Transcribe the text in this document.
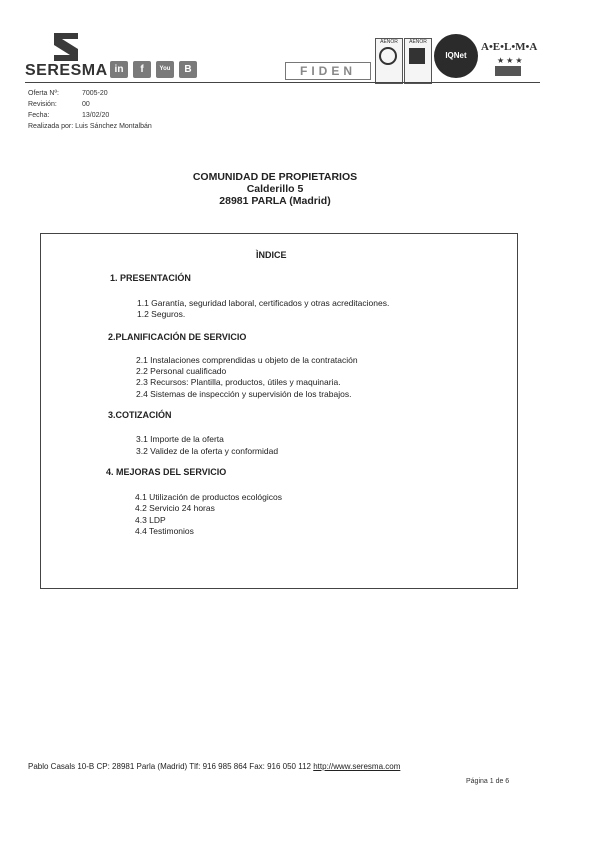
SERESMA in	f	You	B	FIDEN
AENOR	AENOR
IQNet
A•E•L•M•A
★★★
Oferta Nº:	7005-20
Revisión:	00
Fecha:	13/02/20
Realizada por: Luis Sánchez Montalbán
COMUNIDAD DE PROPIETARIOS
Calderillo 5
28981 PARLA (Madrid)
ÌNDICE
1. PRESENTACIÓN
1.1 Garantía, seguridad laboral, certificados y otras acreditaciones.
1.2 Seguros.
2.PLANIFICACIÓN DE SERVICIO
2.1 Instalaciones comprendidas u objeto de la contratación
2.2 Personal cualificado
2.3 Recursos: Plantilla, productos, útiles y maquinaria.
2.4 Sistemas de inspección y supervisión de los trabajos.
3.COTIZACIÓN
3.1 Importe de la oferta
3.2 Validez de la oferta y conformidad
4. MEJORAS DEL SERVICIO
4.1 Utilización de productos ecológicos
4.2 Servicio 24 horas
4.3 LDP
4.4 Testimonios
Pablo Casals 10-B CP: 28981 Parla (Madrid) Tlf: 916 985 864 Fax: 916 050 112 http://www.seresma.com
Página 1 de 6
